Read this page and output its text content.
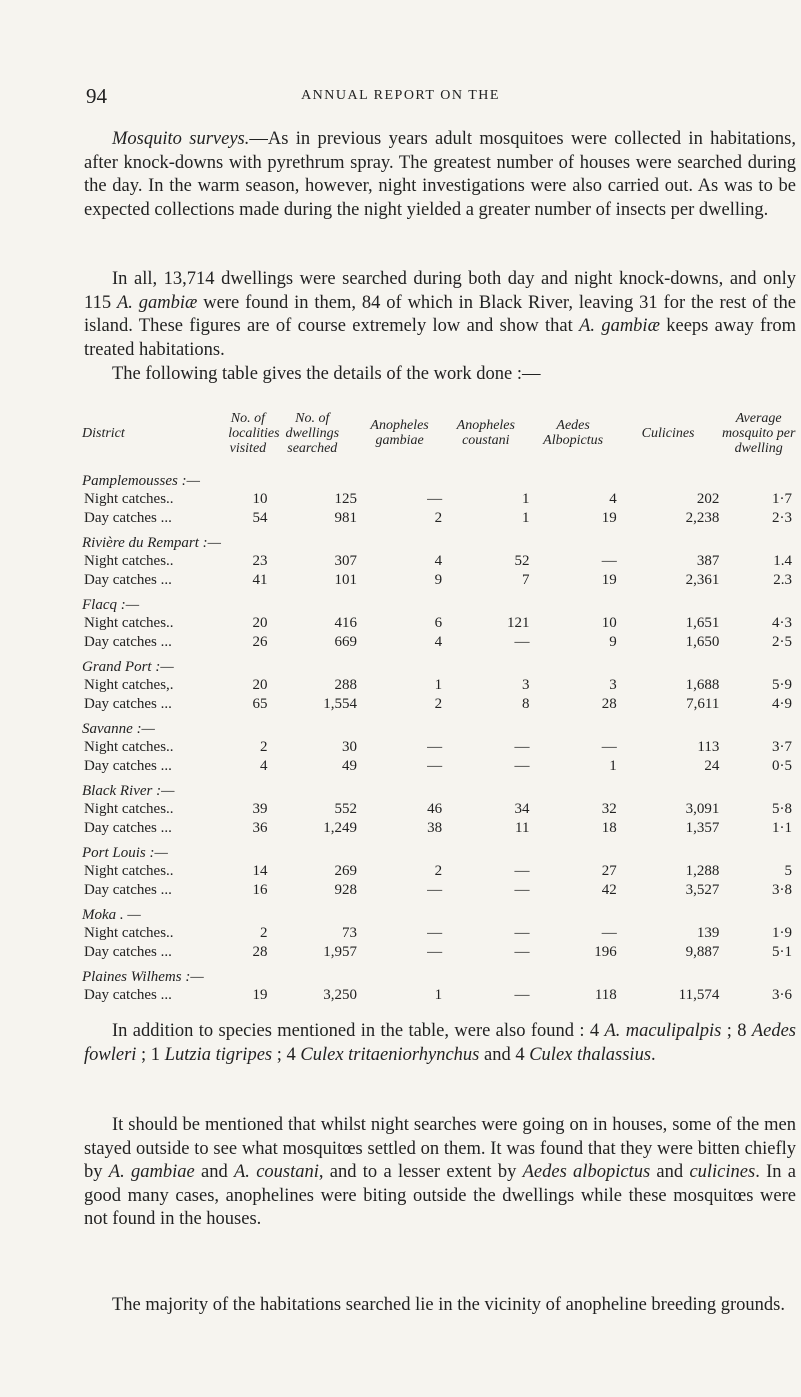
94	ANNUAL REPORT ON THE

Mosquito surveys.—As in previous years adult mosquitoes were collected in habitations, after knock-downs with pyrethrum spray. The greatest number of houses were searched during the day. In the warm season, however, night investigations were also carried out. As was to be expected collections made during the night yielded a greater number of insects per dwelling.

In all, 13,714 dwellings were searched during both day and night knock-downs, and only 115 A. gambiæ were found in them, 84 of which in Black River, leaving 31 for the rest of the island. These figures are of course extremely low and show that A. gambiæ keeps away from treated habitations.

The following table gives the details of the work done :—

District	No. of localities visited	No. of dwellings searched	Anopheles gambiae	Anopheles coustani	Aedes Albopictus	Culicines	Average mosquito per dwelling
Pamplemousses :—							
Night catches..	10	125	—	1	4	202	1·7
Day catches ...	54	981	2	1	19	2,238	2·3
Rivière du Rempart :—							
Night catches..	23	307	4	52	—	387	1.4
Day catches ...	41	101	9	7	19	2,361	2.3
Flacq :—							
Night catches..	20	416	6	121	10	1,651	4·3
Day catches ...	26	669	4	—	9	1,650	2·5
Grand Port :—							
Night catches,.	20	288	1	3	3	1,688	5·9
Day catches ...	65	1,554	2	8	28	7,611	4·9
Savanne :—							
Night catches..	2	30	—	—	—	113	3·7
Day catches ...	4	49	—	—	1	24	0·5
Black River :—							
Night catches..	39	552	46	34	32	3,091	5·8
Day catches ...	36	1,249	38	11	18	1,357	1·1
Port Louis :—							
Night catches..	14	269	2	—	27	1,288	5
Day catches ...	16	928	—	—	42	3,527	3·8
Moka . —							
Night catches..	2	73	—	—	—	139	1·9
Day catches ...	28	1,957	—	—	196	9,887	5·1
Plaines Wilhems :—							
Day catches ...	19	3,250	1	—	118	11,574	3·6

In addition to species mentioned in the table, were also found : 4 A. maculipalpis ; 8 Aedes fowleri ; 1 Lutzia tigripes ; 4 Culex tritaeniorhynchus and 4 Culex thalassius.

It should be mentioned that whilst night searches were going on in houses, some of the men stayed outside to see what mosquitœs settled on them. It was found that they were bitten chiefly by A. gambiae and A. coustani, and to a lesser extent by Aedes albopictus and culicines. In a good many cases, anophelines were biting outside the dwellings while these mosquitœs were not found in the houses.

The majority of the habitations searched lie in the vicinity of anopheline breeding grounds.
